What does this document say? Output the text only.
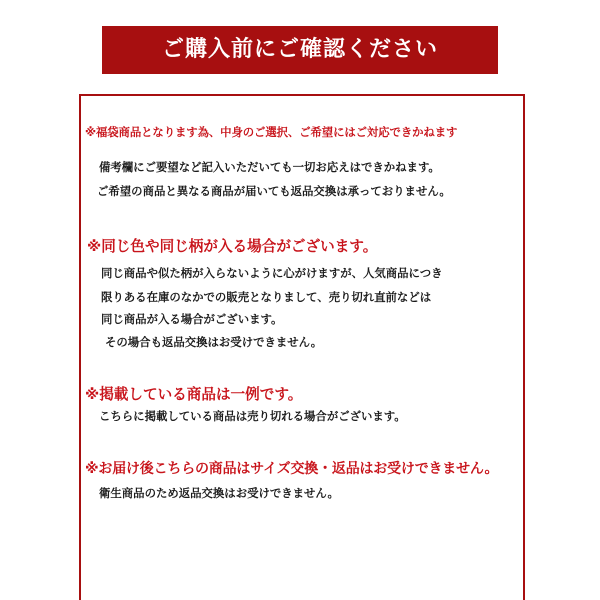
ご購入前にご確認ください
※福袋商品となります為、中身のご選択、ご希望にはご対応できかねます
備考欄にご要望など記入いただいても一切お応えはできかねます。
ご希望の商品と異なる商品が届いても返品交換は承っておりません。
※同じ色や同じ柄が入る場合がございます。
同じ商品や似た柄が入らないように心がけますが、人気商品につき
限りある在庫のなかでの販売となりまして、売り切れ直前などは
同じ商品が入る場合がございます。
その場合も返品交換はお受けできません。
※掲載している商品は一例です。
こちらに掲載している商品は売り切れる場合がございます。
※お届け後こちらの商品はサイズ交換・返品はお受けできません。
衛生商品のため返品交換はお受けできません。
